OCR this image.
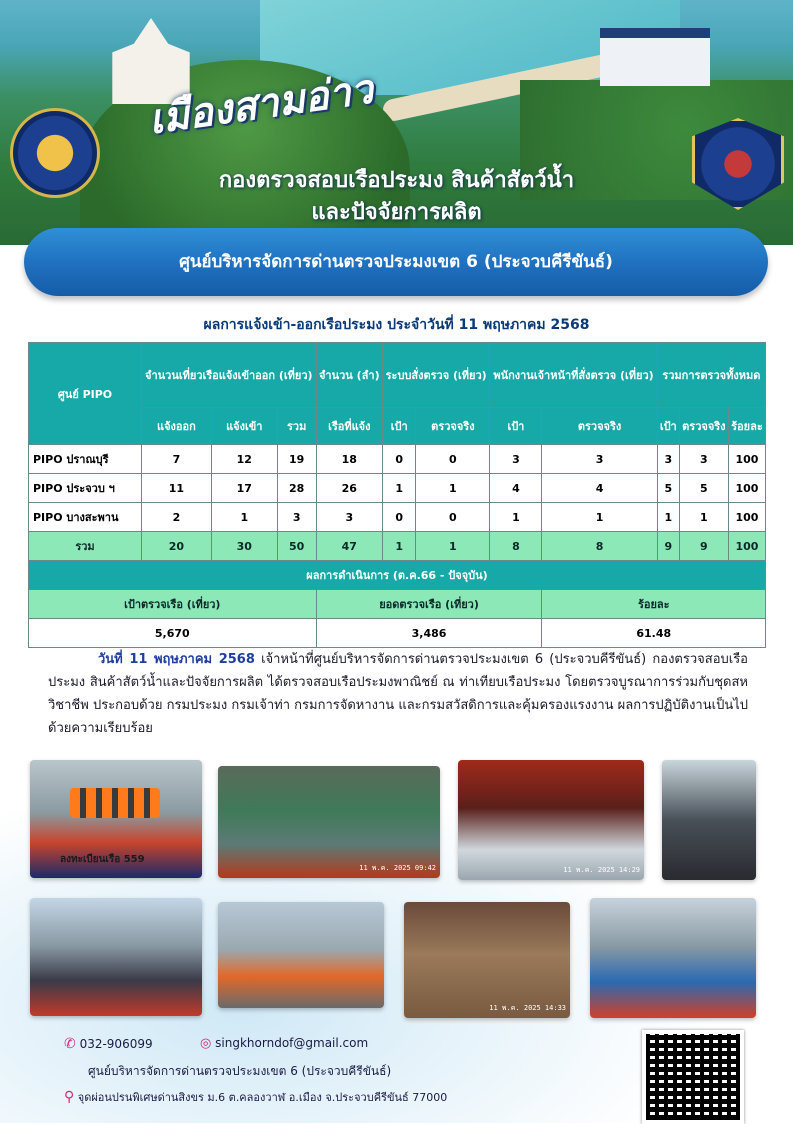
เมืองสามอ่าว
กองตรวจสอบเรือประมง สินค้าสัตว์น้ำ
และปัจจัยการผลิต
ศูนย์บริหารจัดการด่านตรวจประมงเขต 6 (ประจวบคีรีขันธ์)
ผลการแจ้งเข้า-ออกเรือประมง ประจำวันที่ 11 พฤษภาคม 2568
ศูนย์ PIPO	จำนวนเที่ยวเรือแจ้งเข้าออก (เที่ยว)			จำนวน (ลำ)	ระบบสั่งตรวจ (เที่ยว)		พนักงานเจ้าหน้าที่สั่งตรวจ (เที่ยว)		รวมการตรวจทั้งหมด		
	แจ้งออก	แจ้งเข้า	รวม	เรือที่แจ้ง	เป้า	ตรวจจริง	เป้า	ตรวจจริง	เป้า	ตรวจจริง	ร้อยละ
PIPO ปราณบุรี	7	12	19	18	0	0	3	3	3	3	100
PIPO ประจวบ ฯ	11	17	28	26	1	1	4	4	5	5	100
PIPO บางสะพาน	2	1	3	3	0	0	1	1	1	1	100
รวม	20	30	50	47	1	1	8	8	9	9	100
ผลการดำเนินการ (ต.ค.66 - ปัจจุบัน)											
เป้าตรวจเรือ (เที่ยว)				ยอดตรวจเรือ (เที่ยว)				ร้อยละ			
5,670				3,486				61.48			
วันที่ 11 พฤษภาคม 2568 เจ้าหน้าที่ศูนย์บริหารจัดการด่านตรวจประมงเขต 6 (ประจวบคีรีขันธ์) กองตรวจสอบเรือประมง สินค้าสัตว์น้ำและปัจจัยการผลิต ได้ตรวจสอบเรือประมงพาณิชย์ ณ ท่าเทียบเรือประมง โดยตรวจบูรณาการร่วมกับชุดสหวิชาชีพ ประกอบด้วย กรมประมง กรมเจ้าท่า กรมการจัดหางาน และกรมสวัสดิการและคุ้มครองแรงงาน ผลการปฏิบัติงานเป็นไปด้วยความเรียบร้อย
ลงทะเบียนเรือ 559
11 พ.ค. 2025 09:42	11 พ.ค. 2025 14:29
11 พ.ค. 2025 14:33
✆ 032-906099	◎ singkhorndof@gmail.com
ศูนย์บริหารจัดการด่านตรวจประมงเขต 6 (ประจวบคีรีขันธ์)
⚲ จุดผ่อนปรนพิเศษด่านสิงขร ม.6 ต.คลองวาฬ อ.เมือง จ.ประจวบคีรีขันธ์ 77000
